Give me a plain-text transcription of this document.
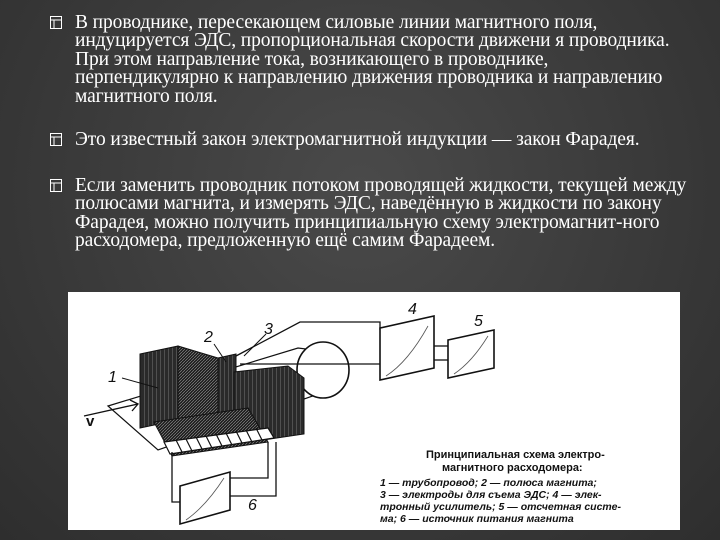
В проводнике, пересекающем силовые линии магнитного поля, индуцируется ЭДС, пропорциональная скорости движени я проводника. При этом направление тока, возникающего в проводнике, перпендикулярно к направлению движения проводника и направлению магнитного поля.
Это известный закон электромагнитной индукции — закон Фарадея.
Если заменить проводник потоком проводящей жидкости, текущей между полюсами магнита, и измерять ЭДС, наведённую в жидкости по закону Фарадея, можно получить принципиальную схему электромагнит-ного расходомера, предложенную ещё самим Фарадеем.
1
2	3
4
5
6
v
Принципиальная схема электро-
магнитного расходомера:
1 — трубопровод; 2 — полюса магнита;
3 — электроды для съема ЭДС; 4 — элек-
тронный усилитель; 5 — отсчетная систе-
ма; 6 — источник питания магнита
